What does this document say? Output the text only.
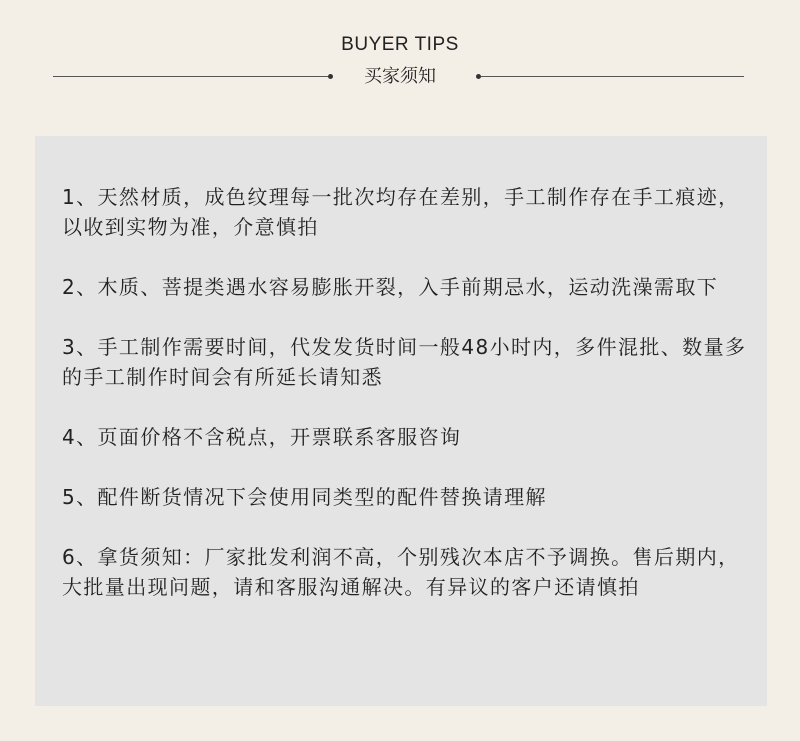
BUYER TIPS
买家须知
1、天然材质，成色纹理每一批次均存在差别，手工制作存在手工痕迹，以收到实物为准，介意慎拍
2、木质、菩提类遇水容易膨胀开裂，入手前期忌水，运动洗澡需取下
3、手工制作需要时间，代发发货时间一般48小时内，多件混批、数量多的手工制作时间会有所延长请知悉
4、页面价格不含税点，开票联系客服咨询
5、配件断货情况下会使用同类型的配件替换请理解
6、拿货须知：厂家批发利润不高，个别残次本店不予调换。售后期内，大批量出现问题，请和客服沟通解决。有异议的客户还请慎拍
